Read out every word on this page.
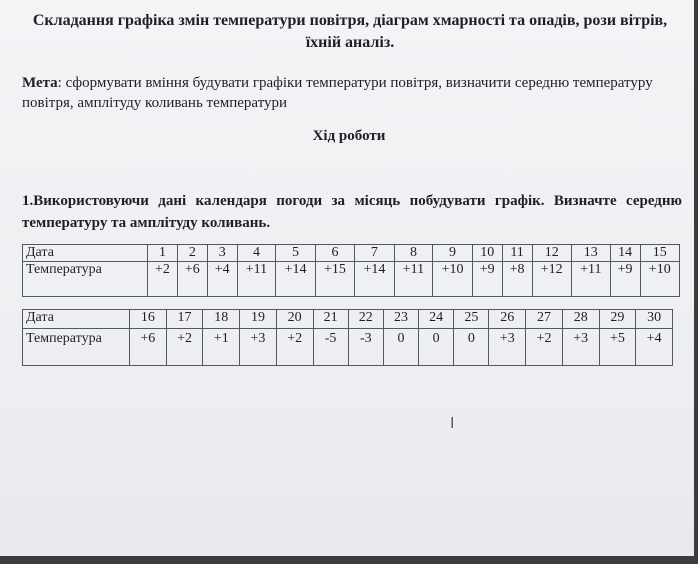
Складання графіка змін температури повітря, діаграм хмарності та опадів, рози вітрів, їхній аналіз.
Мета: сформувати вміння будувати графіки температури повітря, визначити середню температуру повітря, амплітуду коливань температури
Хід роботи
1.Використовуючи дані календаря погоди за місяць побудувати графік. Визначте середню температуру та амплітуду коливань.
Дата	1	2	3	4	5	6	7	8	9	10	11	12	13	14	15
Температура	+2	+6	+4	+11	+14	+15	+14	+11	+10	+9	+8	+12	+11	+9	+10
Дата	16	17	18	19	20	21	22	23	24	25	26	27	28	29	30
Температура	+6	+2	+1	+3	+2	-5	-3	0	0	0	+3	+2	+3	+5	+4
I
